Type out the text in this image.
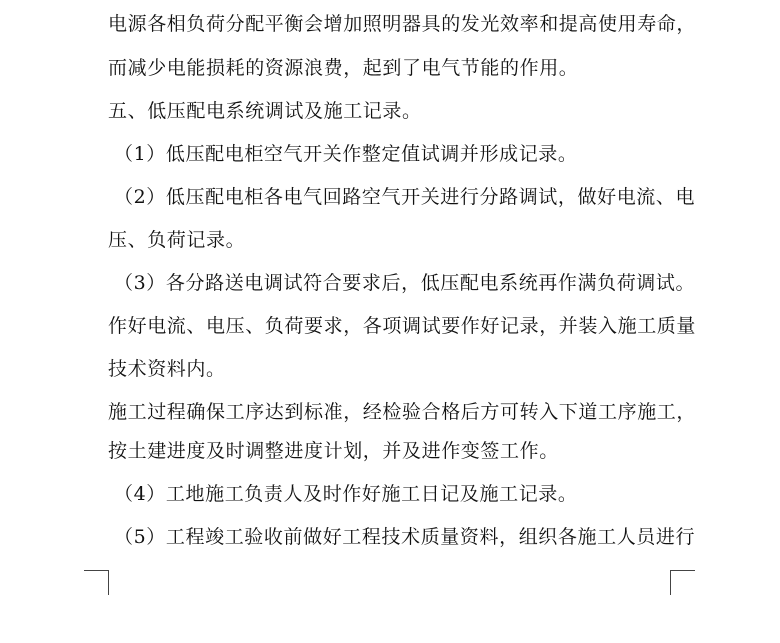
电源各相负荷分配平衡会增加照明器具的发光效率和提高使用寿命，
而减少电能损耗的资源浪费，起到了电气节能的作用。
五、低压配电系统调试及施工记录。
（1）低压配电柜空气开关作整定值试调并形成记录。
（2）低压配电柜各电气回路空气开关进行分路调试，做好电流、电
压、负荷记录。
（3）各分路送电调试符合要求后，低压配电系统再作满负荷调试。
作好电流、电压、负荷要求，各项调试要作好记录，并装入施工质量
技术资料内。
施工过程确保工序达到标准，经检验合格后方可转入下道工序施工，
按土建进度及时调整进度计划，并及进作变签工作。
（4）工地施工负责人及时作好施工日记及施工记录。
（5）工程竣工验收前做好工程技术质量资料，组织各施工人员进行
